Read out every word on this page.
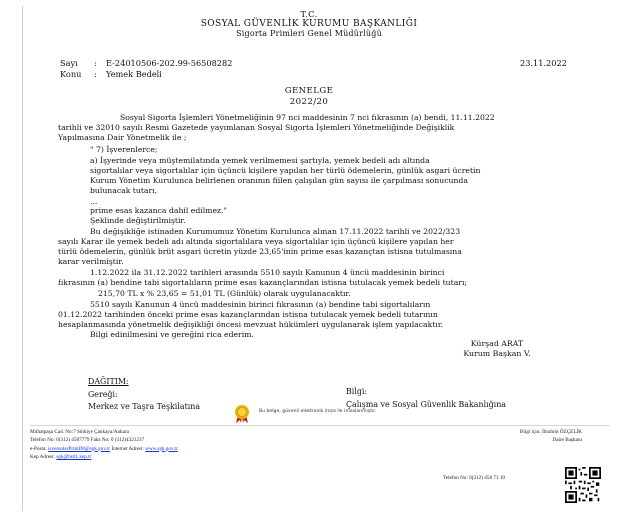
T.C.
SOSYAL GÜVENLİK KURUMU BAŞKANLIĞI
Sigorta Primleri Genel Müdürlüğü
Sayı : E-24010506-202.99-56508282
Konu : Yemek Bedeli
23.11.2022
GENELGE
2022/20
Sosyal Sigorta İşlemleri Yönetmeliğinin 97 nci maddesinin 7 nci fıkrasının (a) bendi, 11.11.2022
tarihli ve 32010 sayılı Resmi Gazetede yayımlanan Sosyal Sigorta İşlemleri Yönetmeliğinde Değişiklik
Yapılmasına Dair Yönetmelik ile ;
" 7) İşverenlerce;
a) İşyerinde veya müştemilatında yemek verilmemesi şartıyla, yemek bedeli adı altında
sigortalılar veya sigortalılar için üçüncü kişilere yapılan her türlü ödemelerin, günlük asgari ücretin
Kurum Yönetim Kurulunca belirlenen oranının fiilen çalışılan gün sayısı ile çarpılması sonucunda
bulunacak tutarı,
...
prime esas kazanca dahil edilmez."
Şeklinde değiştirilmiştir.
Bu değişikliğe istinaden Kurumumuz Yönetim Kurulunca alınan 17.11.2022 tarihli ve 2022/323
sayılı Karar ile yemek bedeli adı altında sigortalılara veya sigortalılar için üçüncü kişilere yapılan her
türlü ödemelerin, günlük brüt asgari ücretin yüzde 23,65'inin prime esas kazançtan istisna tutulmasına
karar verilmiştir.
1.12.2022 ila 31.12.2022 tarihleri arasında 5510 sayılı Kanunun 4 üncü maddesinin birinci
fıkrasının (a) bendine tabi sigortalıların prime esas kazançlarından istisna tutulacak yemek bedeli tutarı;
215,70 TL x % 23,65 = 51,01 TL (Günlük) olarak uygulanacaktır.
5510 sayılı Kanunun 4 üncü maddesinin birinci fıkrasının (a) bendine tabi sigortalıların
01.12.2022 tarihinden önceki prime esas kazançlarından istisna tutulacak yemek bedeli tutarının
hesaplanmasında yönetmelik değişikliği öncesi mevzuat hükümleri uygulanarak işlem yapılacaktır.
Bilgi edinilmesini ve gereğini rica ederim.
Kürşad ARAT
Kurum Başkan V.
DAĞITIM:
Gereği:
Merkez ve Taşra Teşkilatına
Bilgi:
Çalışma ve Sosyal Güvenlik Bakanlığına
Bu belge, güvenli elektronik imza ile imzalanmıştır.
Mithatpaşa Cad. No:7 Sıhhiye Çankaya/Ankara
Telefon No: 0(312) 4587779 Faks No: 0 (312)4321237
e-Posta: isverenlerPrimD8@sgk.gov.tr İnternet Adresi: www.sgk.gov.tr
Kep Adresi: sgk@hs01.kep.tr
Bilgi için: İbrahim ÖZÇELİK
Daire Başkanı
Telefon No: 0(312) 458 71 10
